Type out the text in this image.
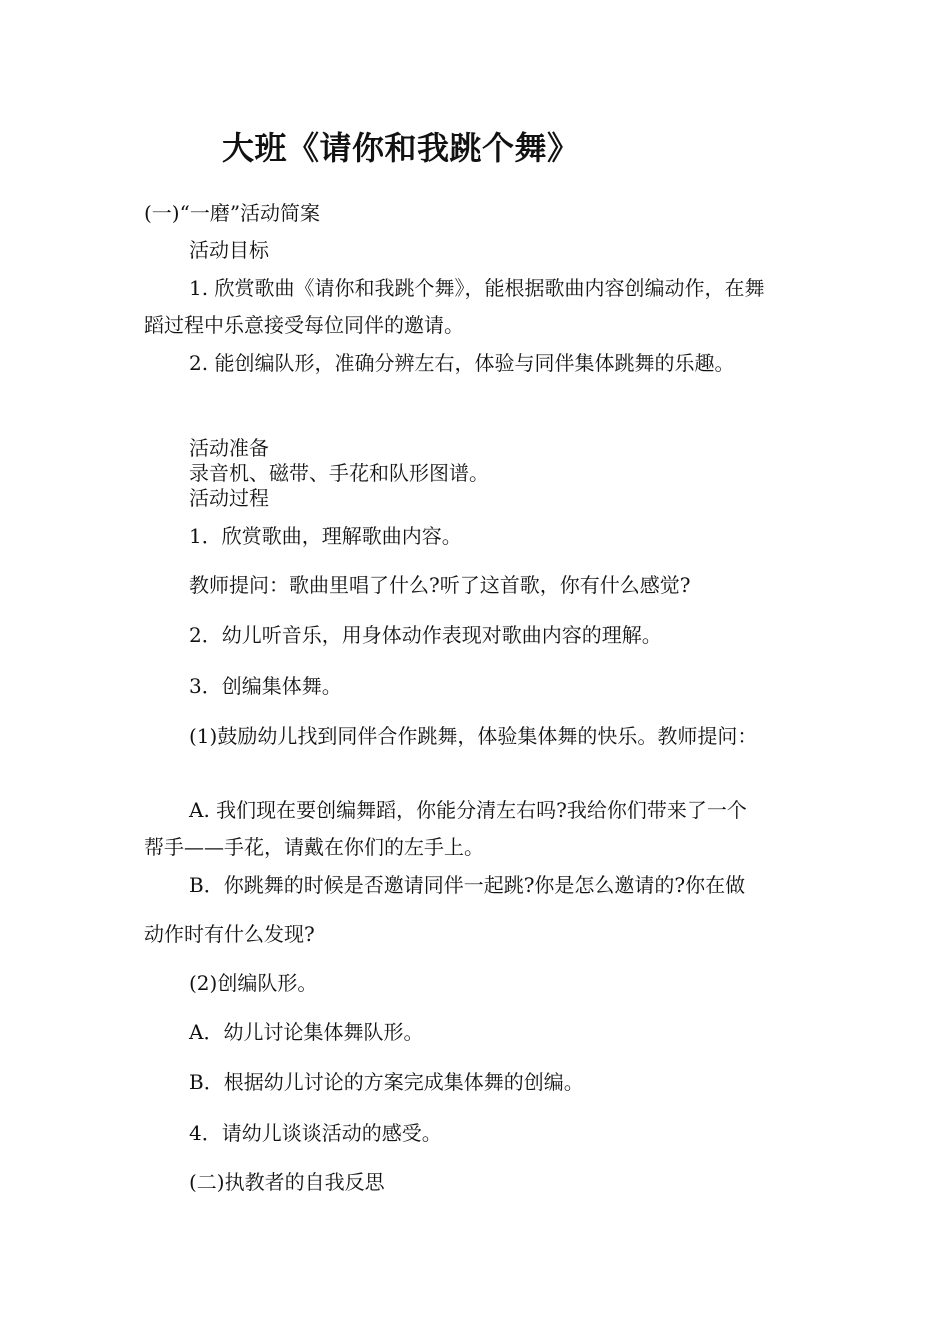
大班《请你和我跳个舞》
(一)“一磨”活动简案
活动目标
1. 欣赏歌曲《请你和我跳个舞》，能根据歌曲内容创编动作，在舞
蹈过程中乐意接受每位同伴的邀请。
2. 能创编队形，准确分辨左右，体验与同伴集体跳舞的乐趣。
活动准备
录音机、磁带、手花和队形图谱。
活动过程
1．欣赏歌曲，理解歌曲内容。
教师提问：歌曲里唱了什么?听了这首歌，你有什么感觉?
2．幼儿听音乐，用身体动作表现对歌曲内容的理解。
3．创编集体舞。
(1)鼓励幼儿找到同伴合作跳舞，体验集体舞的快乐。教师提问：
A. 我们现在要创编舞蹈，你能分清左右吗?我给你们带来了一个
帮手——手花，请戴在你们的左手上。
B．你跳舞的时候是否邀请同伴一起跳?你是怎么邀请的?你在做
动作时有什么发现?
(2)创编队形。
A．幼儿讨论集体舞队形。
B．根据幼儿讨论的方案完成集体舞的创编。
4．请幼儿谈谈活动的感受。
(二)执教者的自我反思
